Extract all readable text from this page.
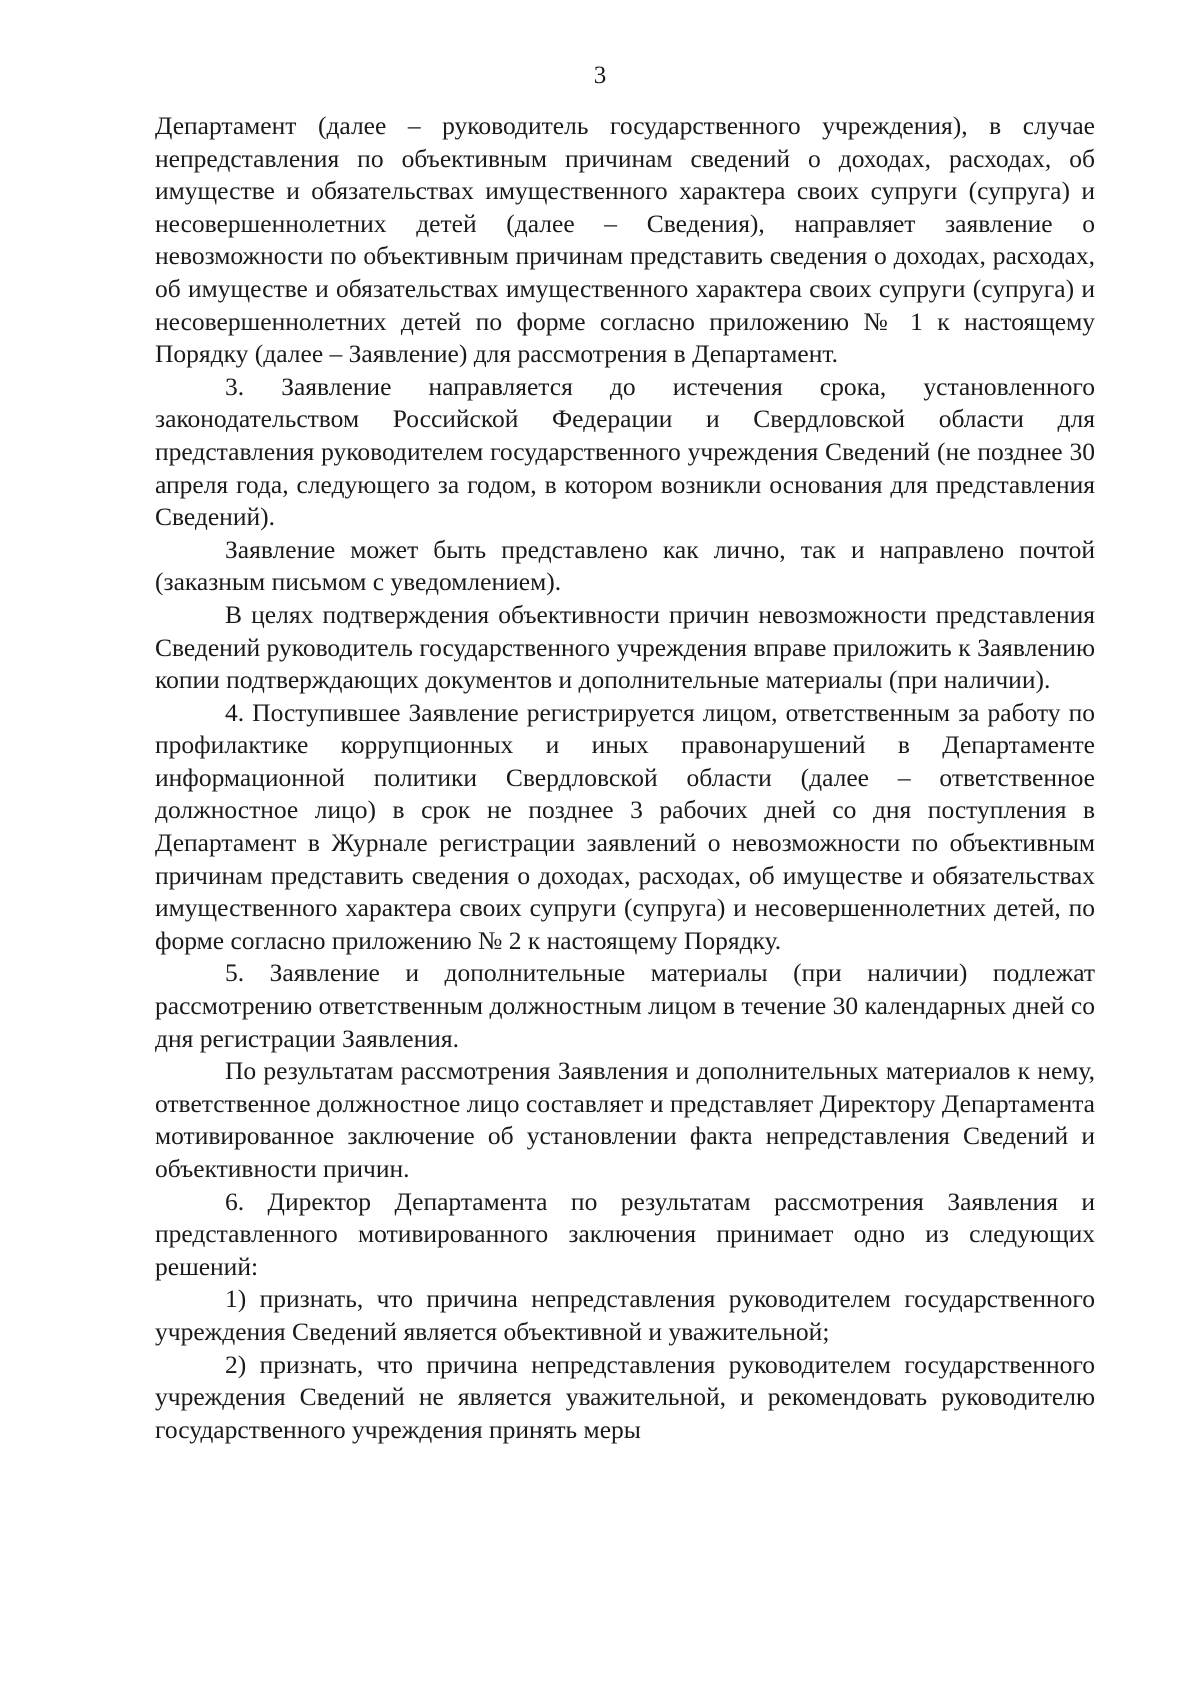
3

Департамент (далее – руководитель государственного учреждения), в случае непредставления по объективным причинам сведений о доходах, расходах, об имуществе и обязательствах имущественного характера своих супруги (супруга) и несовершеннолетних детей (далее – Сведения), направляет заявление о невозможности по объективным причинам представить сведения о доходах, расходах, об имуществе и обязательствах имущественного характера своих супруги (супруга) и несовершеннолетних детей по форме согласно приложению № 1 к настоящему Порядку (далее – Заявление) для рассмотрения в Департамент.

3. Заявление направляется до истечения срока, установленного законодательством Российской Федерации и Свердловской области для представления руководителем государственного учреждения Сведений (не позднее 30 апреля года, следующего за годом, в котором возникли основания для представления Сведений).

Заявление может быть представлено как лично, так и направлено почтой (заказным письмом с уведомлением).

В целях подтверждения объективности причин невозможности представления Сведений руководитель государственного учреждения вправе приложить к Заявлению копии подтверждающих документов и дополнительные материалы (при наличии).

4. Поступившее Заявление регистрируется лицом, ответственным за работу по профилактике коррупционных и иных правонарушений в Департаменте информационной политики Свердловской области (далее – ответственное должностное лицо) в срок не позднее 3 рабочих дней со дня поступления в Департамент в Журнале регистрации заявлений о невозможности по объективным причинам представить сведения о доходах, расходах, об имуществе и обязательствах имущественного характера своих супруги (супруга) и несовершеннолетних детей, по форме согласно приложению № 2 к настоящему Порядку.

5. Заявление и дополнительные материалы (при наличии) подлежат рассмотрению ответственным должностным лицом в течение 30 календарных дней со дня регистрации Заявления.

По результатам рассмотрения Заявления и дополнительных материалов к нему, ответственное должностное лицо составляет и представляет Директору Департамента мотивированное заключение об установлении факта непредставления Сведений и объективности причин.

6. Директор Департамента по результатам рассмотрения Заявления и представленного мотивированного заключения принимает одно из следующих решений:

1) признать, что причина непредставления руководителем государственного учреждения Сведений является объективной и уважительной;

2) признать, что причина непредставления руководителем государственного учреждения Сведений не является уважительной, и рекомендовать руководителю государственного учреждения принять меры
